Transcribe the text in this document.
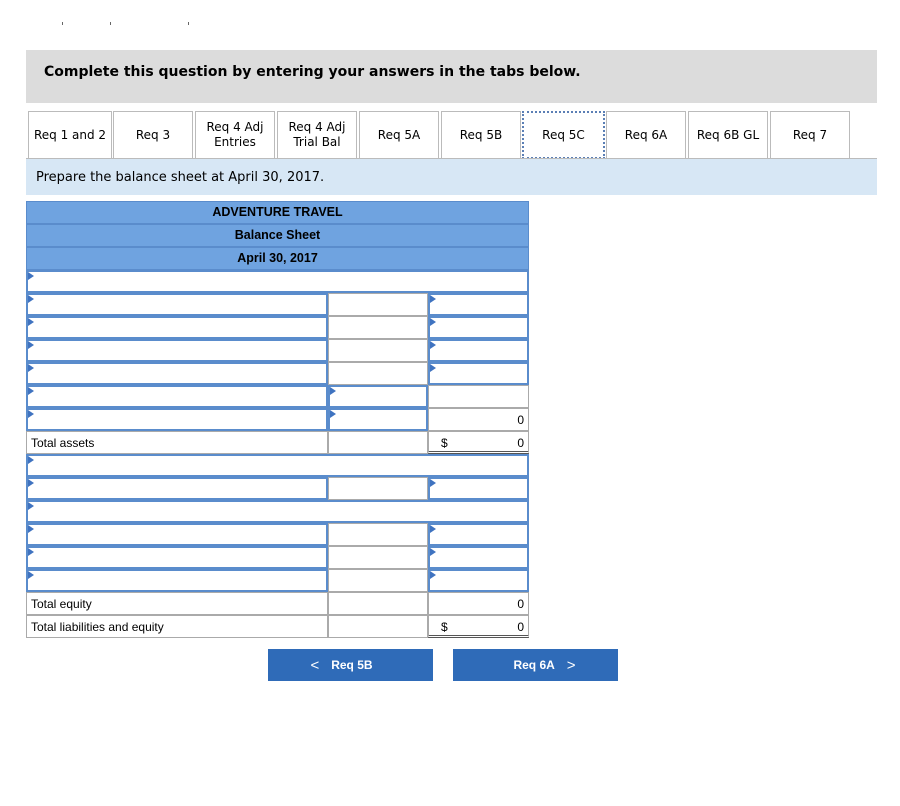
Complete this question by entering your answers in the tabs below.
Req 1 and 2 Req 3
Req 4 Adj
Entries
Req 4 Adj
Trial Bal
Req 5A	Req 5B	Req 5C	Req 6A Req 6B GL	Req 7
Prepare the balance sheet at April 30, 2017.
ADVENTURE TRAVEL
Balance Sheet
April 30, 2017
0
Total assets	$	0
Total equity	0
Total liabilities and equity	$	0
< Req 5B	Req 6A >
